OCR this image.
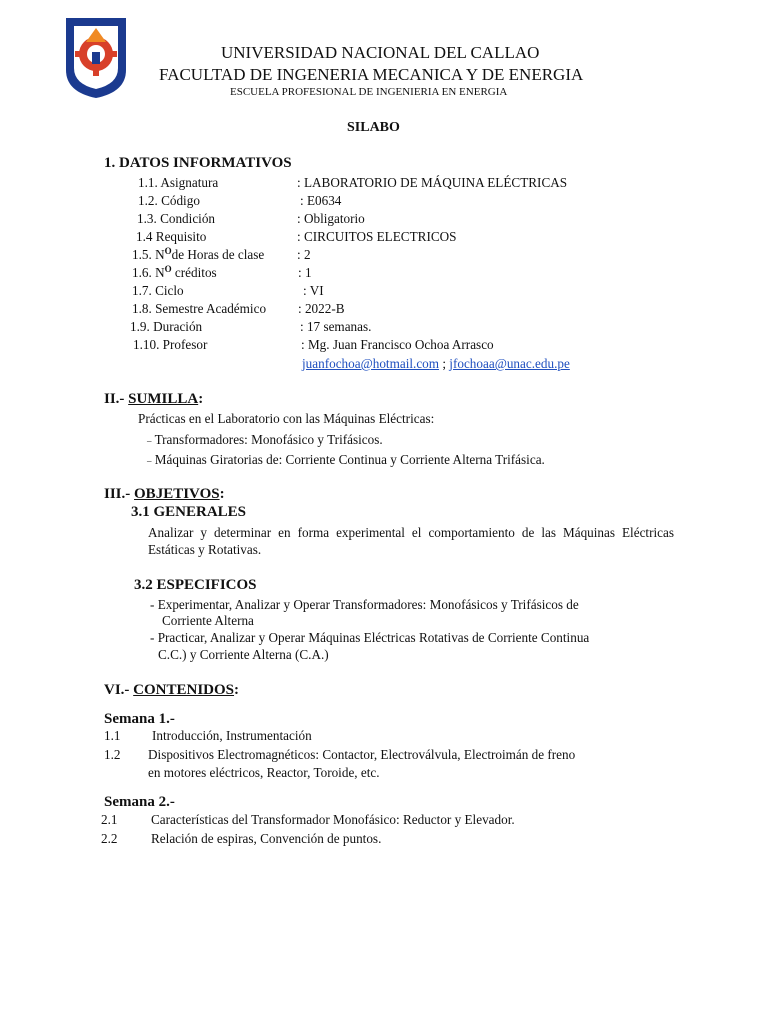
UNIVERSIDAD NACIONAL DEL CALLAO
FACULTAD DE INGENERIA MECANICA Y DE ENERGIA
ESCUELA PROFESIONAL DE INGENIERIA EN ENERGIA
SILABO
1. DATOS INFORMATIVOS
1.1. Asignatura	: LABORATORIO DE MÁQUINA ELÉCTRICAS
1.2. Código	: E0634
1.3. Condición	: Obligatorio
1.4 Requisito	: CIRCUITOS ELECTRICOS
1.5. $N^Ode$ Horas de clase : 2
1.6. $N^O$ créditos	: 1
1.7. Ciclo	: VI
1.8. Semestre Académico : 2022-B
1.9. Duración	: 17 semanas.
1.10. Profesor	: Mg. Juan Francisco Ochoa Arrasco
juanfochoa@hotmail.com ; jfochoaa@unac.edu.pe
II.- SUMILLA:
Prácticas en el Laboratorio con las Máquinas Eléctricas:
– Transformadores: Monofásico y Trifásicos.
– Máquinas Giratorias de: Corriente Continua y Corriente Alterna Trifásica.
III.- OBJETIVOS:
3.1 GENERALES
Analizar y determinar en forma experimental el comportamiento de las Máquinas Eléctricas Estáticas y Rotativas.
3.2 ESPECIFICOS
- Experimentar, Analizar y Operar Transformadores: Monofásicos y Trifásicos de
Corriente Alterna
- Practicar, Analizar y Operar Máquinas Eléctricas Rotativas de Corriente Continua
C.C.) y Corriente Alterna (C.A.)
VI.- CONTENIDOS:
Semana 1.-
1.1 Introducción, Instrumentación
1.2 Dispositivos Electromagnéticos: Contactor, Electroválvula, Electroimán de freno
en motores eléctricos, Reactor, Toroide, etc.
Semana 2.-
2.1	Características del Transformador Monofásico: Reductor y Elevador.
2.2	Relación de espiras, Convención de puntos.
